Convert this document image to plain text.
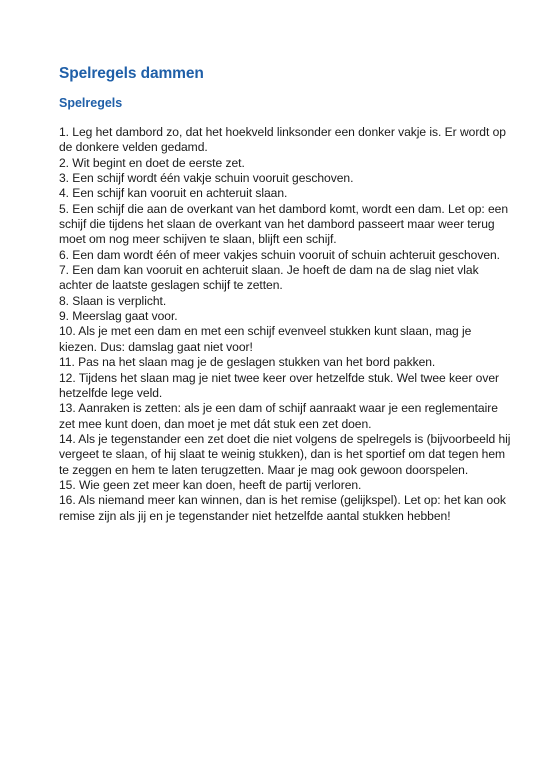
Spelregels dammen
Spelregels
1. Leg het dambord zo, dat het hoekveld linksonder een donker vakje is. Er wordt op de donkere velden gedamd.
2. Wit begint en doet de eerste zet.
3. Een schijf wordt één vakje schuin vooruit geschoven.
4. Een schijf kan vooruit en achteruit slaan.
5. Een schijf die aan de overkant van het dambord komt, wordt een dam. Let op: een schijf die tijdens het slaan de overkant van het dambord passeert maar weer terug moet om nog meer schijven te slaan, blijft een schijf.
6. Een dam wordt één of meer vakjes schuin vooruit of schuin achteruit geschoven.
7. Een dam kan vooruit en achteruit slaan. Je hoeft de dam na de slag niet vlak achter de laatste geslagen schijf te zetten.
8. Slaan is verplicht.
9. Meerslag gaat voor.
10. Als je met een dam en met een schijf evenveel stukken kunt slaan, mag je kiezen. Dus: damslag gaat niet voor!
11. Pas na het slaan mag je de geslagen stukken van het bord pakken.
12. Tijdens het slaan mag je niet twee keer over hetzelfde stuk. Wel twee keer over hetzelfde lege veld.
13. Aanraken is zetten: als je een dam of schijf aanraakt waar je een reglementaire zet mee kunt doen, dan moet je met dát stuk een zet doen.
14. Als je tegenstander een zet doet die niet volgens de spelregels is (bijvoorbeeld hij vergeet te slaan, of hij slaat te weinig stukken), dan is het sportief om dat tegen hem te zeggen en hem te laten terugzetten. Maar je mag ook gewoon doorspelen.
15. Wie geen zet meer kan doen, heeft de partij verloren.
16. Als niemand meer kan winnen, dan is het remise (gelijkspel). Let op: het kan ook remise zijn als jij en je tegenstander niet hetzelfde aantal stukken hebben!
